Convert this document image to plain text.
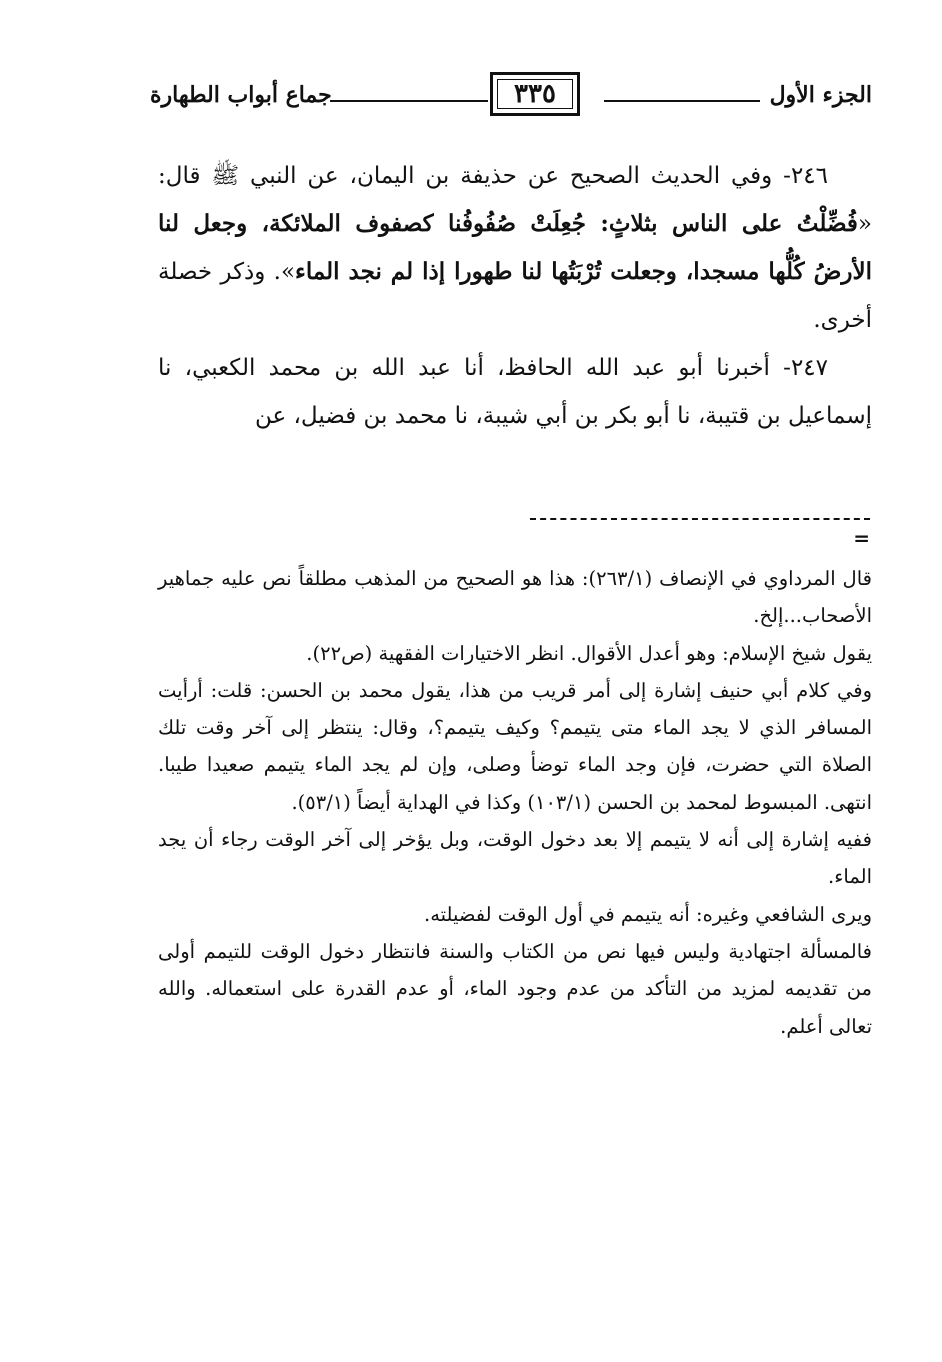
الجزء الأول
٣٣٥
جماع أبواب الطهارة

٢٤٦- وفي الحديث الصحيح عن حذيفة بن اليمان، عن النبي ﷺ قال: «فُضِّلْتُ على الناس بثلاثٍ: جُعِلَتْ صُفُوفُنا كصفوف الملائكة، وجعل لنا الأرضُ كُلُّها مسجدا، وجعلت تُرْبَتُها لنا طهورا إذا لم نجد الماء». وذكر خصلة أخرى.

٢٤٧- أخبرنا أبو عبد الله الحافظ، أنا عبد الله بن محمد الكعبي، نا إسماعيل بن قتيبة، نا أبو بكر بن أبي شيبة، نا محمد بن فضيل، عن

=

قال المرداوي في الإنصاف (٢٦٣/١): هذا هو الصحيح من المذهب مطلقاً نص عليه جماهير الأصحاب...إلخ.

يقول شيخ الإسلام: وهو أعدل الأقوال. انظر الاختيارات الفقهية (ص٢٢).

وفي كلام أبي حنيف إشارة إلى أمر قريب من هذا، يقول محمد بن الحسن: قلت: أرأيت المسافر الذي لا يجد الماء متى يتيمم؟ وكيف يتيمم؟، وقال: ينتظر إلى آخر وقت تلك الصلاة التي حضرت، فإن وجد الماء توضأ وصلى، وإن لم يجد الماء يتيمم صعيدا طيبا. انتهى. المبسوط لمحمد بن الحسن (١٠٣/١) وكذا في الهداية أيضاً (٥٣/١).

ففيه إشارة إلى أنه لا يتيمم إلا بعد دخول الوقت، وبل يؤخر إلى آخر الوقت رجاء أن يجد الماء.

ويرى الشافعي وغيره: أنه يتيمم في أول الوقت لفضيلته.

فالمسألة اجتهادية وليس فيها نص من الكتاب والسنة فانتظار دخول الوقت للتيمم أولى من تقديمه لمزيد من التأكد من عدم وجود الماء، أو عدم القدرة على استعماله. والله تعالى أعلم.
